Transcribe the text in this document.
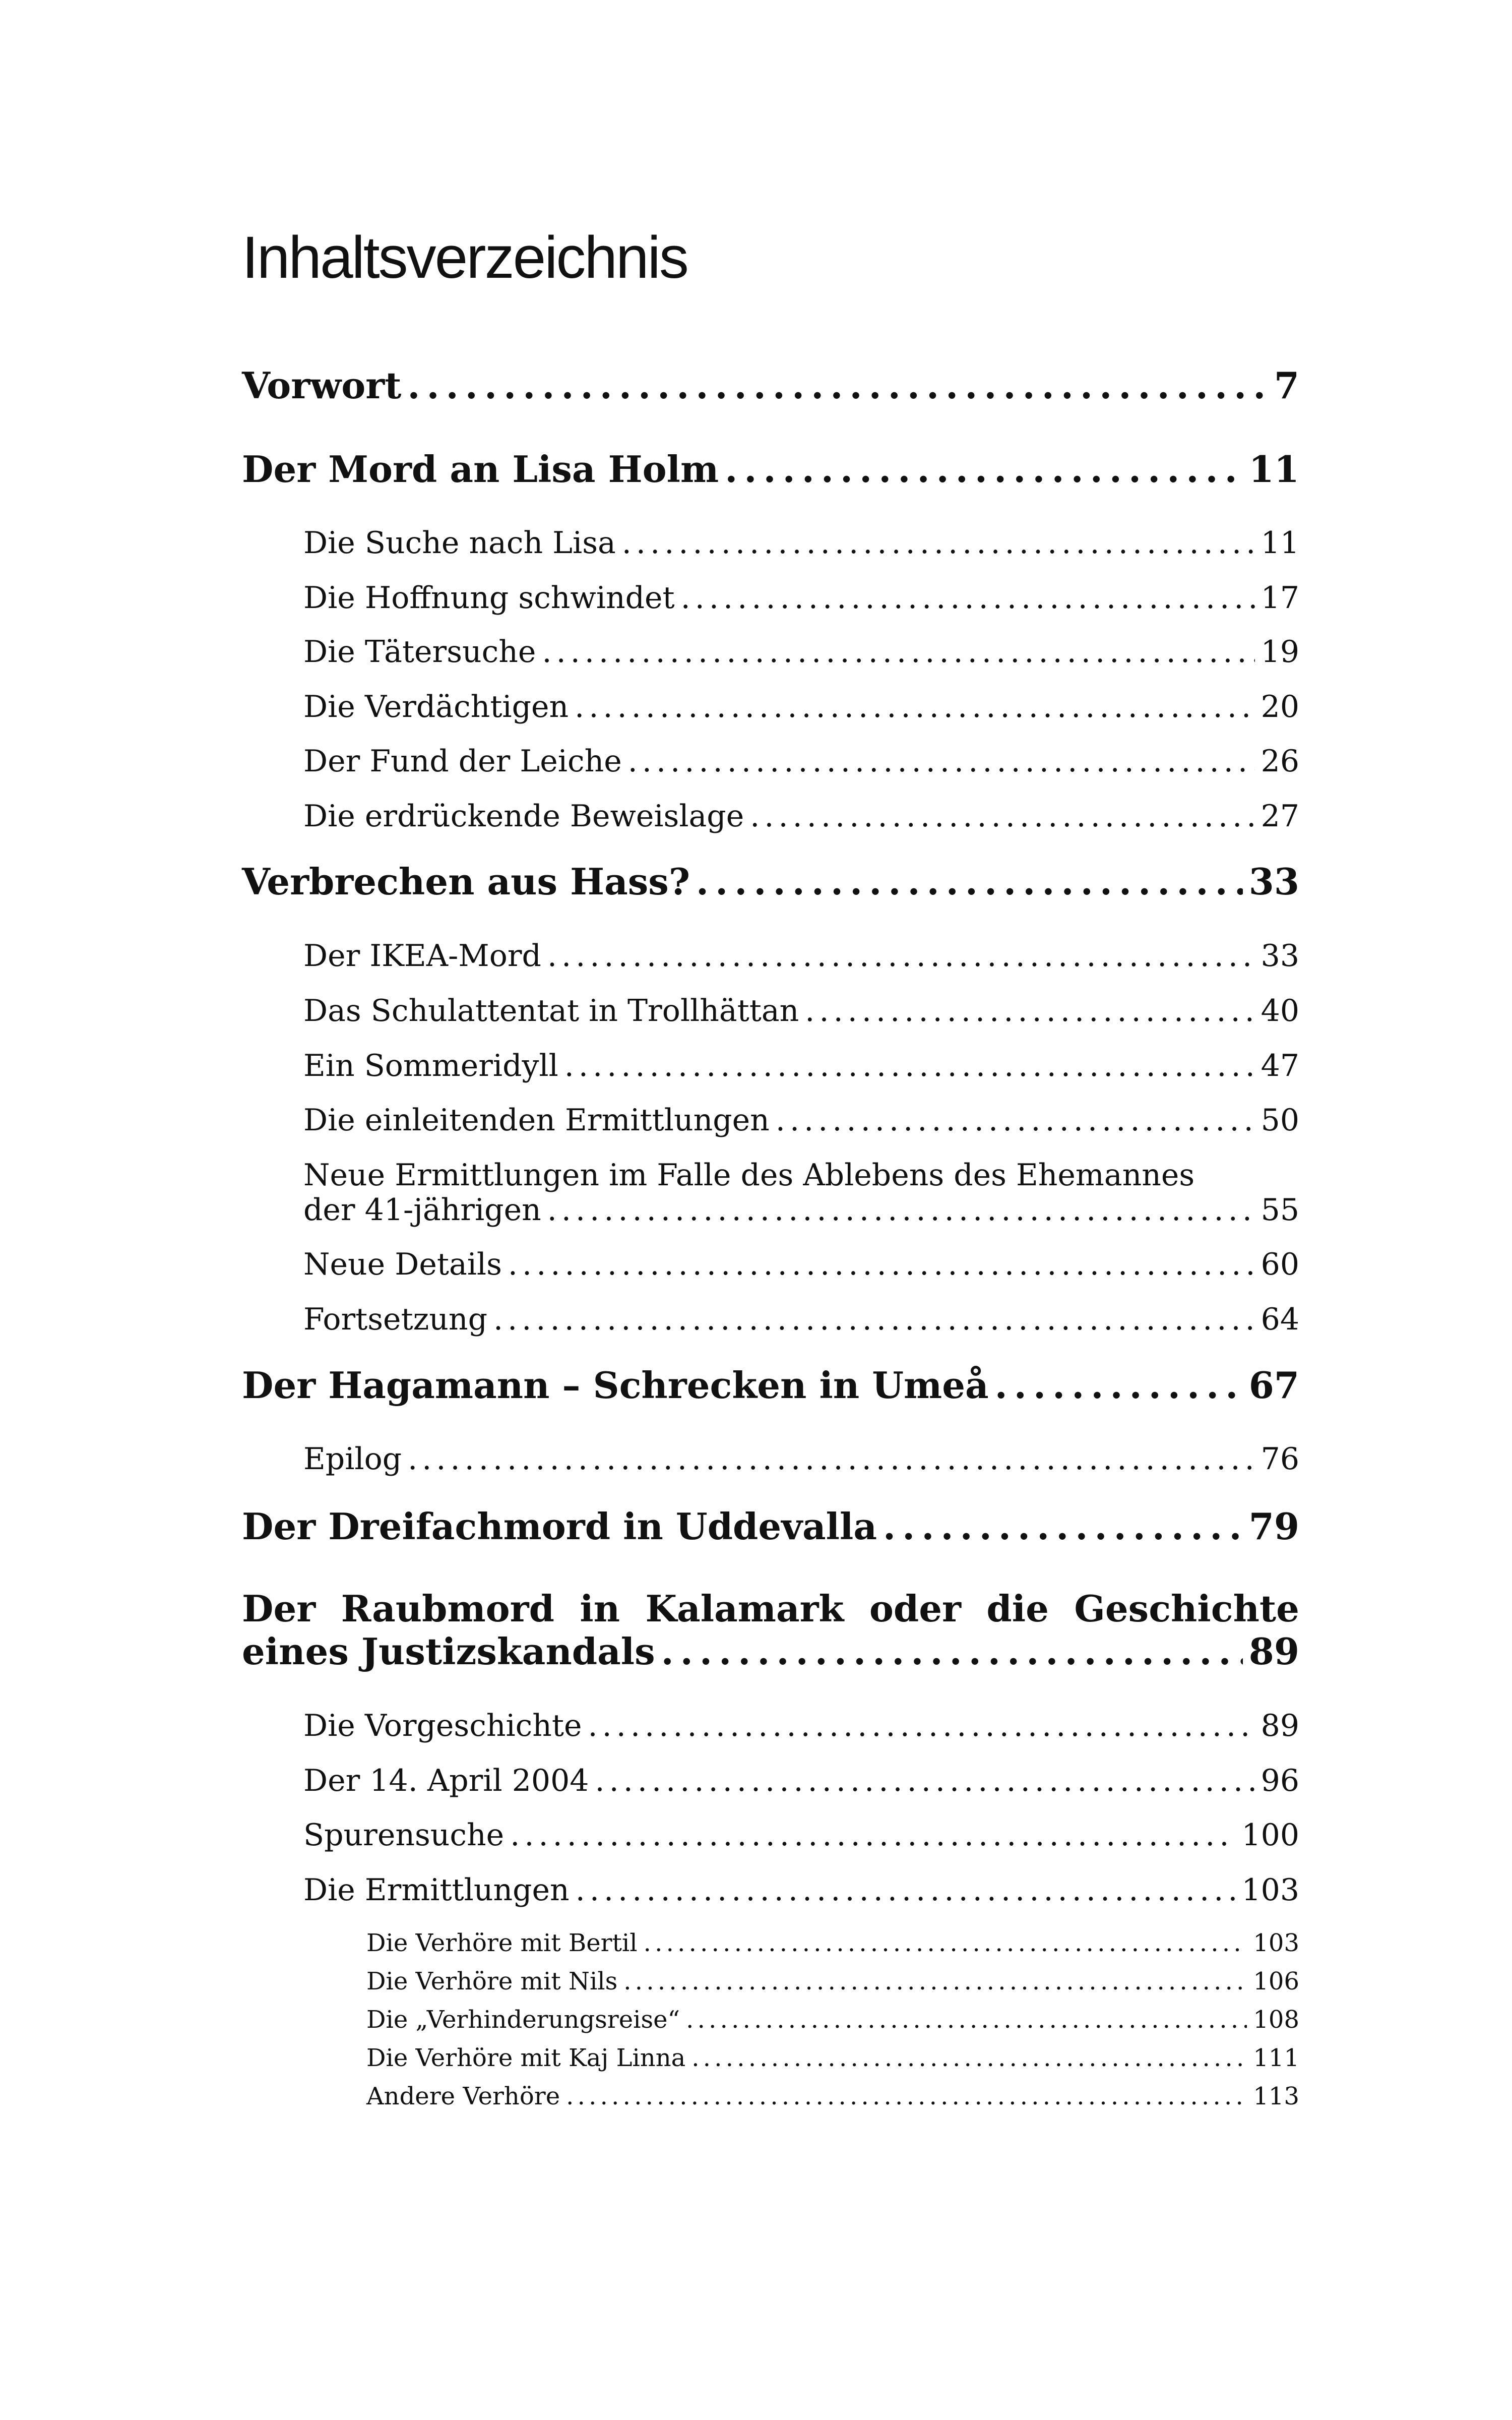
Inhaltsverzeichnis
Vorwort . . .	7
Der Mord an Lisa Holm . . .	11
Die Suche nach Lisa . . .	11
Die Hoffnung schwindet . . .	17
Die Tätersuche . . .	19
Die Verdächtigen . . .	20
Der Fund der Leiche . . .	26
Die erdrückende Beweislage . . .	27
Verbrechen aus Hass? . . .	33
Der IKEA-Mord . . .	33
Das Schulattentat in Trollhättan . . .	40
Ein Sommeridyll . . .	47
Die einleitenden Ermittlungen . . .	50
Neue Ermittlungen im Falle des Ablebens des Ehemannes
der 41-jährigen . . .	55
Neue Details . . .	60
Fortsetzung . . .	64
Der Hagamann – Schrecken in Umeå . . .	67
Epilog . . .	76
Der Dreifachmord in Uddevalla . . .	79
Der Raubmord in Kalamark oder die Geschichte
eines Justizskandals . . .	89
Die Vorgeschichte . . .	89
Der 14. April 2004 . . .	96
Spurensuche . . .	100
Die Ermittlungen . . .	103
Die Verhöre mit Bertil . . .	103
Die Verhöre mit Nils . . .	106
Die „Verhinderungsreise“ . . .	108
Die Verhöre mit Kaj Linna . . .	111
Andere Verhöre . . .	113
